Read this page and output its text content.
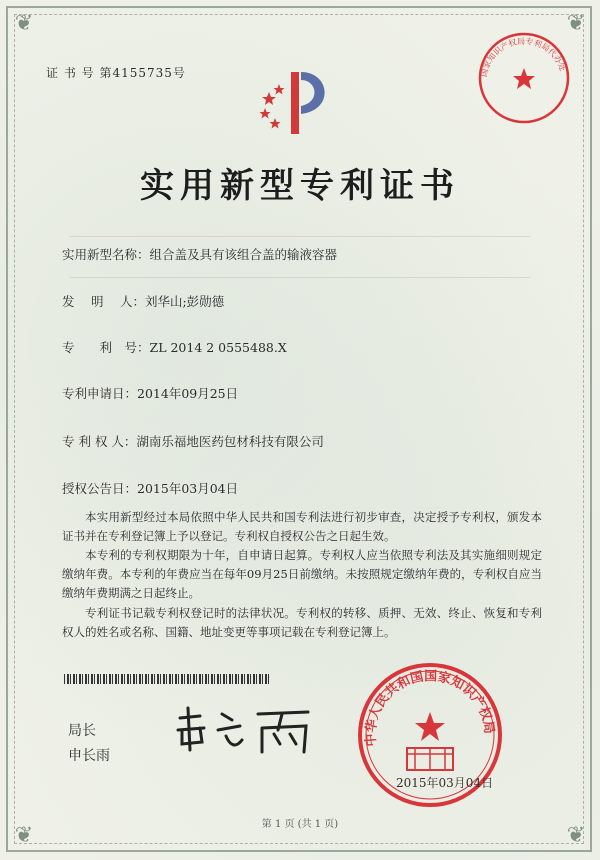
❦	❦
❦	❦
证 书 号 第4155735号
实用新型专利证书
实用新型名称：组合盖及具有该组合盖的输液容器
发　 明　 人：刘华山;彭勋德
专　　利　号：ZL 2014 2 0555488.X
专利申请日：2014年09月25日
专 利 权 人：湖南乐福地医药包材科技有限公司
授权公告日：2015年03月04日
本实用新型经过本局依照中华人民共和国专利法进行初步审查，决定授予专利权，颁发本证书并在专利登记簿上予以登记。专利权自授权公告之日起生效。
本专利的专利权期限为十年，自申请日起算。专利权人应当依照专利法及其实施细则规定缴纳年费。本专利的年费应当在每年09月25日前缴纳。未按照规定缴纳年费的，专利权自应当缴纳年费期满之日起终止。
专利证书记载专利权登记时的法律状况。专利权的转移、质押、无效、终止、恢复和专利权人的姓名或名称、国籍、地址变更等事项记载在专利登记簿上。
局长
申长雨
中华人民共和国国家知识产权局
2015年03月04日
国家知识产权局专利局代办处
第 1 页 (共 1 页)
